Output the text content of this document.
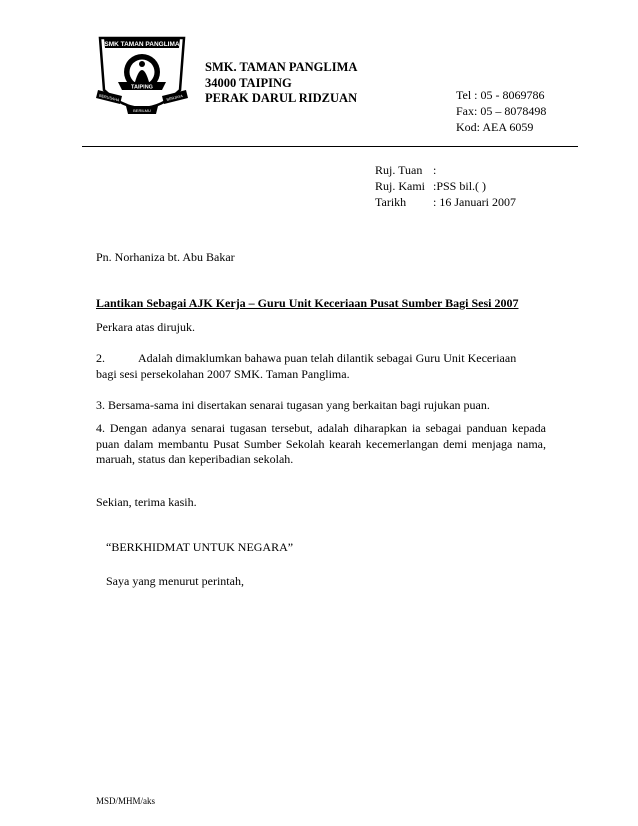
SMK TAMAN PANGLIMA
TAIPING
BERUSAHA	BERJAYA
BERILMU
SMK. TAMAN PANGLIMA
34000 TAIPING
PERAK DARUL RIDZUAN	Tel : 05 - 8069786
Fax: 05 – 8078498
Kod: AEA 6059
Ruj. Tuan :
Ruj. Kami :PSS bil.( )
Tarikh : 16 Januari 2007
Pn. Norhaniza bt. Abu Bakar
Lantikan Sebagai AJK Kerja – Guru Unit Keceriaan Pusat Sumber Bagi Sesi 2007
Perkara atas dirujuk.
2.	Adalah dimaklumkan bahawa puan telah dilantik sebagai Guru Unit Keceriaan
bagi sesi persekolahan 2007 SMK. Taman Panglima.
3. Bersama-sama ini disertakan senarai tugasan yang berkaitan bagi rujukan puan.
4. Dengan adanya senarai tugasan tersebut, adalah diharapkan ia sebagai panduan kepada puan dalam membantu Pusat Sumber Sekolah kearah kecemerlangan demi menjaga nama, maruah, status dan keperibadian sekolah.
Sekian, terima kasih.
“BERKHIDMAT UNTUK NEGARA”
Saya yang menurut perintah,
MSD/MHM/aks
